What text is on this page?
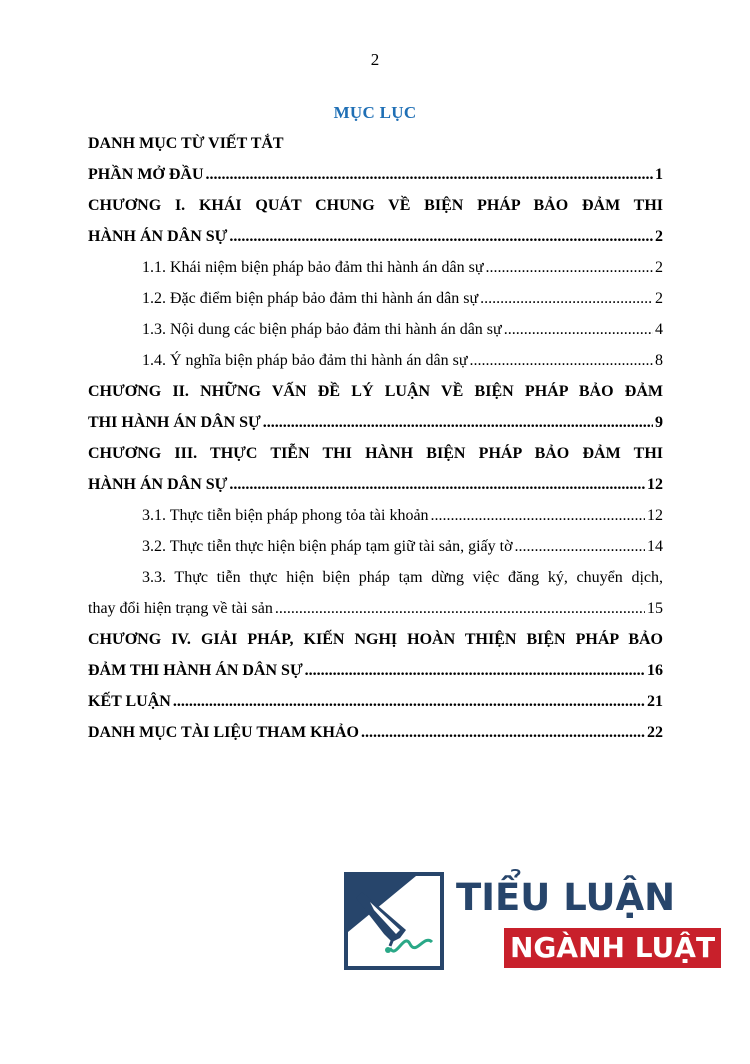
2
MỤC LỤC
DANH MỤC TỪ VIẾT TẮT
PHẦN MỞ ĐẦU .....	1
CHƯƠNG I. KHÁI QUÁT CHUNG VỀ BIỆN PHÁP BẢO ĐẢM THI
HÀNH ÁN DÂN SỰ .....	2
1.1. Khái niệm biện pháp bảo đảm thi hành án dân sự .....	2
1.2. Đặc điểm biện pháp bảo đảm thi hành án dân sự .....	2
1.3. Nội dung các biện pháp bảo đảm thi hành án dân sự .....	4
1.4. Ý nghĩa biện pháp bảo đảm thi hành án dân sự .....	8
CHƯƠNG II. NHỮNG VẤN ĐỀ LÝ LUẬN VỀ BIỆN PHÁP BẢO ĐẢM
THI HÀNH ÁN DÂN SỰ .....	9
CHƯƠNG III. THỰC TIỄN THI HÀNH BIỆN PHÁP BẢO ĐẢM THI
HÀNH ÁN DÂN SỰ .....	12
3.1. Thực tiễn biện pháp phong tỏa tài khoản .....	12
3.2. Thực tiễn thực hiện biện pháp tạm giữ tài sản, giấy tờ .....	14
3.3. Thực tiễn thực hiện biện pháp tạm dừng việc đăng ký, chuyển dịch,
thay đổi hiện trạng về tài sản .....	15
CHƯƠNG IV. GIẢI PHÁP, KIẾN NGHỊ HOÀN THIỆN BIỆN PHÁP BẢO
ĐẢM THI HÀNH ÁN DÂN SỰ .....	16
KẾT LUẬN .....	21
DANH MỤC TÀI LIỆU THAM KHẢO .....	22
TIỂU LUẬN
NGÀNH LUẬT
